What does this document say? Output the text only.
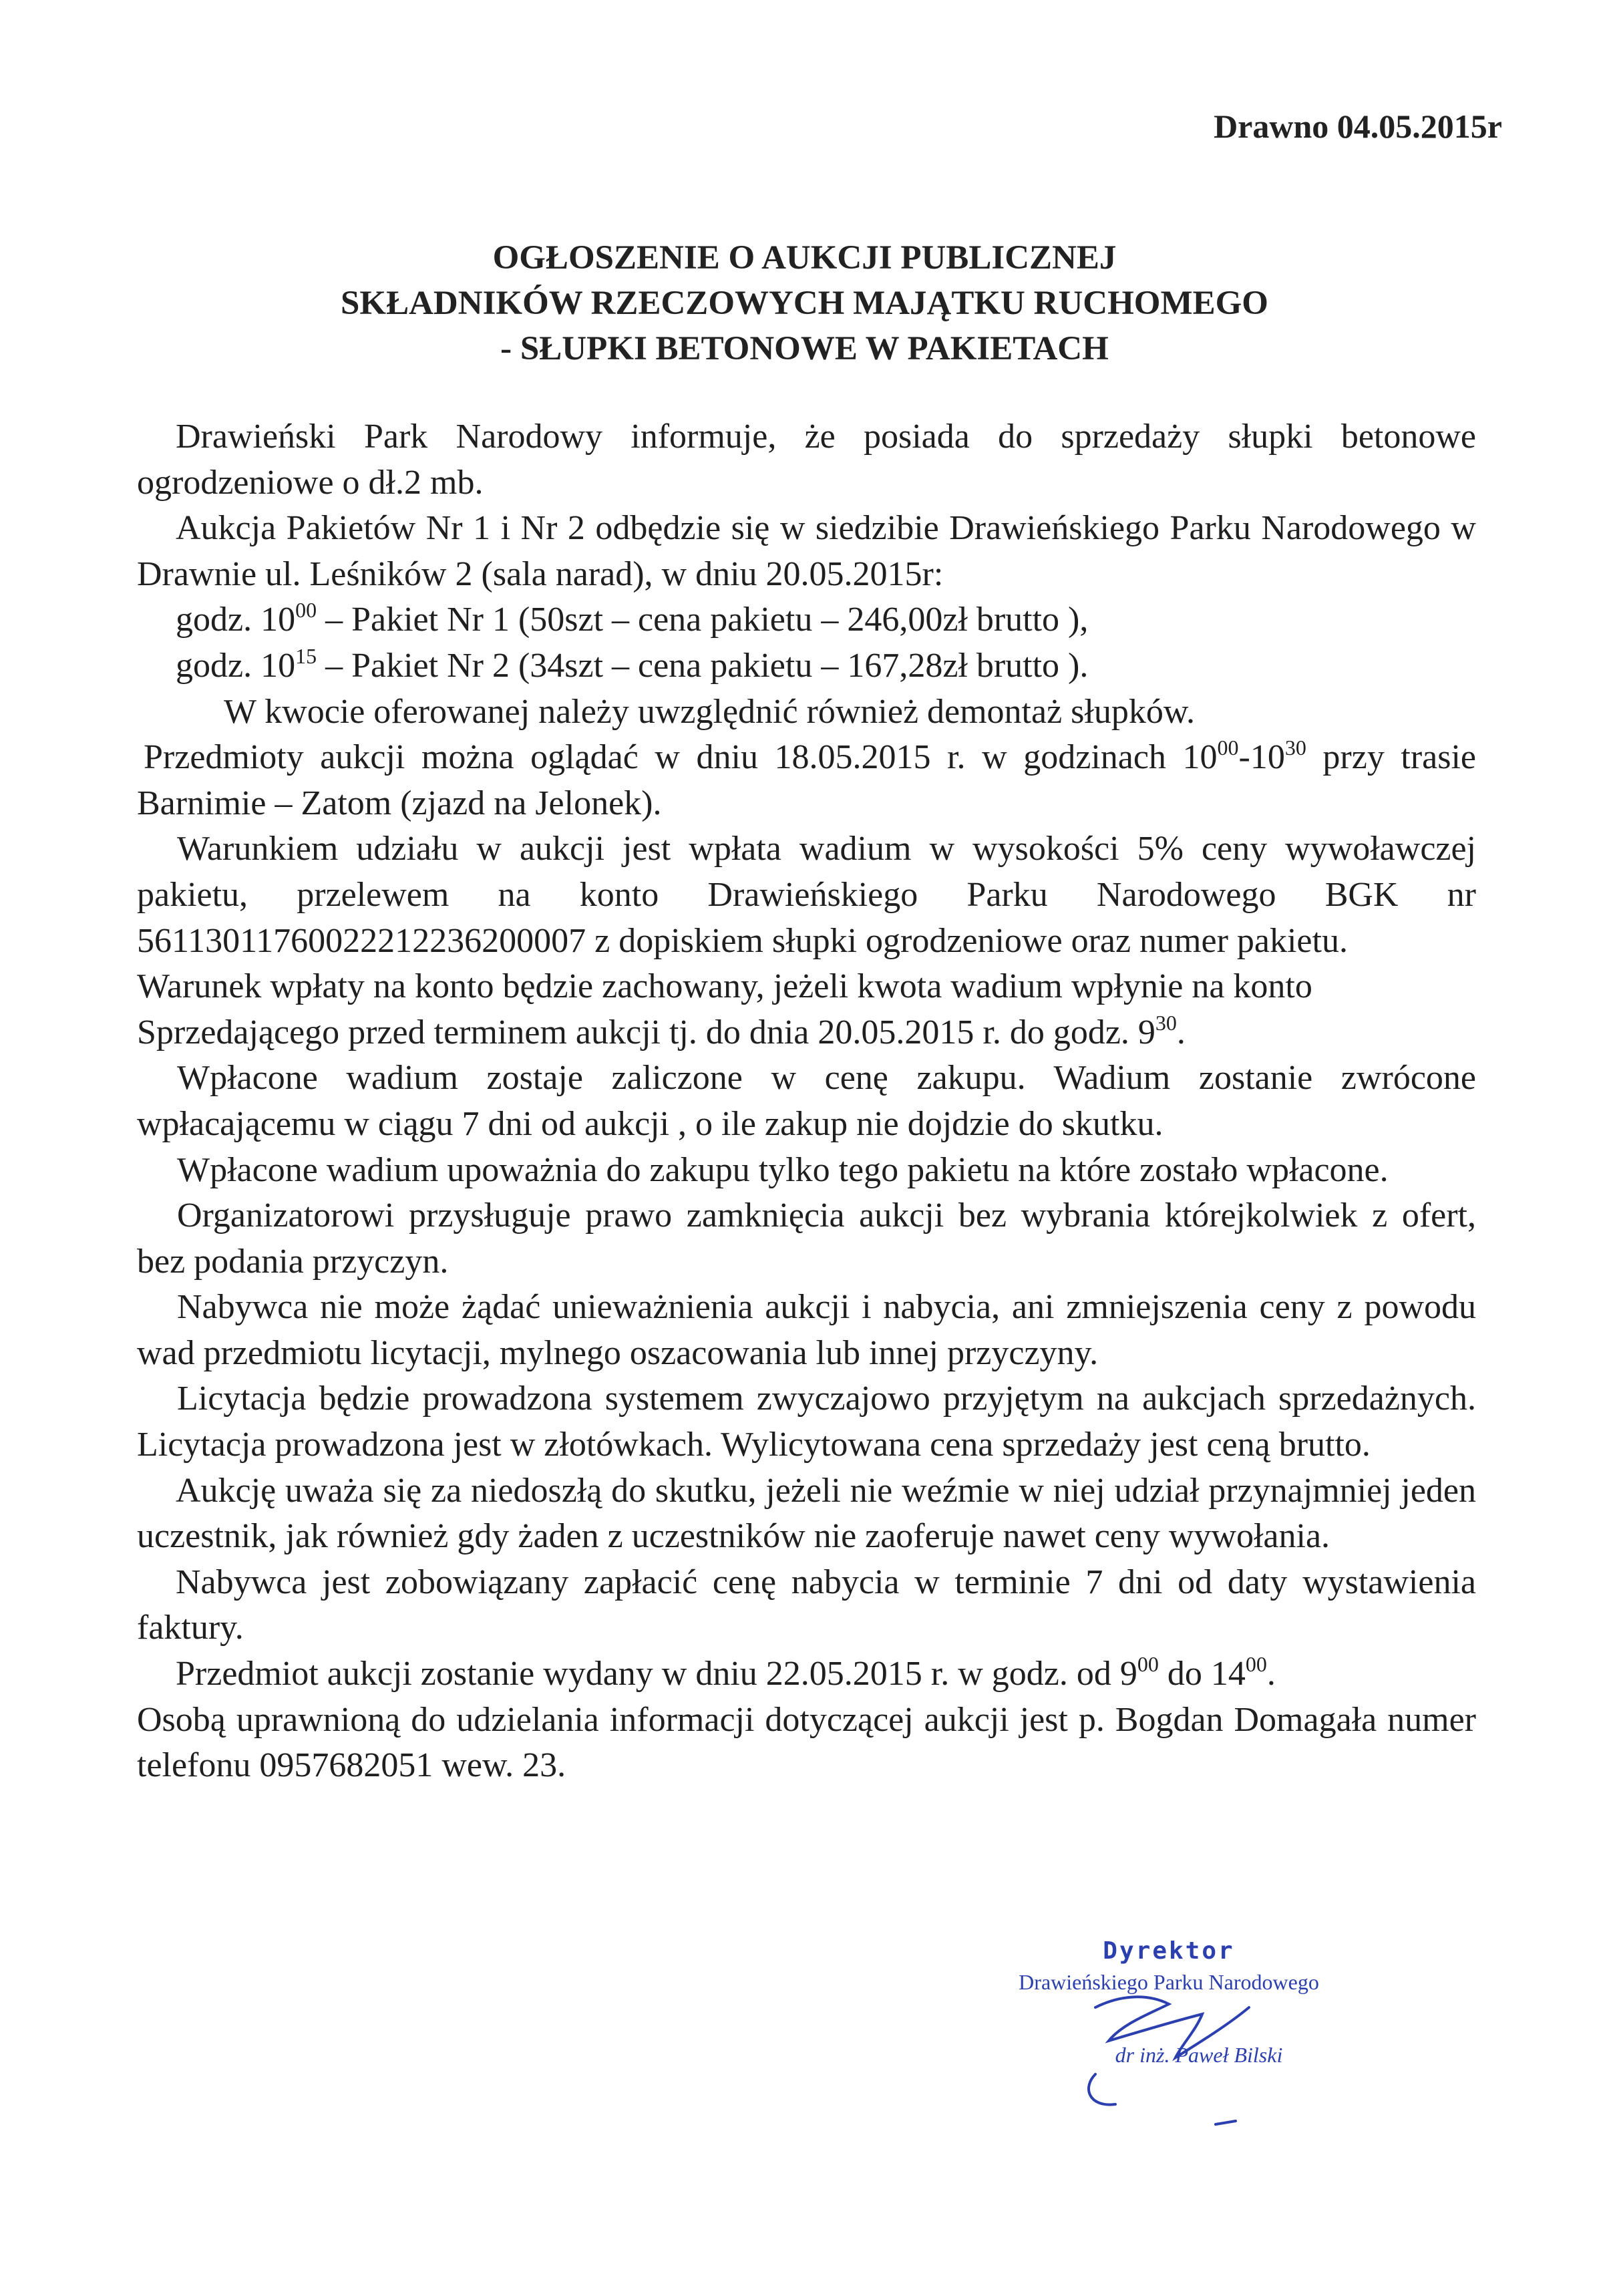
Drawno 04.05.2015r
OGŁOSZENIE O AUKCJI PUBLICZNEJ
SKŁADNIKÓW RZECZOWYCH MAJĄTKU RUCHOMEGO
- SŁUPKI BETONOWE W PAKIETACH

Drawieński Park Narodowy informuje, że posiada do sprzedaży słupki betonowe ogrodzeniowe o dł.2 mb.

Aukcja Pakietów Nr 1 i Nr 2 odbędzie się w siedzibie Drawieńskiego Parku Narodowego w Drawnie ul. Leśników 2 (sala narad), w dniu 20.05.2015r:

godz. $10^{00}$ – Pakiet Nr 1 (50szt – cena pakietu – 246,00zł brutto ),

godz. $10^{15}$ – Pakiet Nr 2 (34szt – cena pakietu – 167,28zł brutto ).

W kwocie oferowanej należy uwzględnić również demontaż słupków.

Przedmioty aukcji można oglądać w dniu 18.05.2015 r. w godzinach $10^{00}-10^{30}$ przy trasie Barnimie – Zatom (zjazd na Jelonek).

Warunkiem udziału w aukcji jest wpłata wadium w wysokości 5% ceny wywoławczej pakietu, przelewem na konto Drawieńskiego Parku Narodowego BGK nr 56113011760022212236200007 z dopiskiem słupki ogrodzeniowe oraz numer pakietu.

Warunek wpłaty na konto będzie zachowany, jeżeli kwota wadium wpłynie na konto Sprzedającego przed terminem aukcji tj. do dnia 20.05.2015 r. do godz. $9^{30}$.

Wpłacone wadium zostaje zaliczone w cenę zakupu. Wadium zostanie zwrócone wpłacającemu w ciągu 7 dni od aukcji , o ile zakup nie dojdzie do skutku.

Wpłacone wadium upoważnia do zakupu tylko tego pakietu na które zostało wpłacone.

Organizatorowi przysługuje prawo zamknięcia aukcji bez wybrania którejkolwiek z ofert, bez podania przyczyn.

Nabywca nie może żądać unieważnienia aukcji i nabycia, ani zmniejszenia ceny z powodu wad przedmiotu licytacji, mylnego oszacowania lub innej przyczyny.

Licytacja będzie prowadzona systemem zwyczajowo przyjętym na aukcjach sprzedażnych. Licytacja prowadzona jest w złotówkach. Wylicytowana cena sprzedaży jest ceną brutto.

Aukcję uważa się za niedoszłą do skutku, jeżeli nie weźmie w niej udział przynajmniej jeden uczestnik, jak również gdy żaden z uczestników nie zaoferuje nawet ceny wywołania.

Nabywca jest zobowiązany zapłacić cenę nabycia w terminie 7 dni od daty wystawienia faktury.

Przedmiot aukcji zostanie wydany w dniu 22.05.2015 r. w godz. od $9^{00}$ do $14^{00}$.

Osobą uprawnioną do udzielania informacji dotyczącej aukcji jest p. Bogdan Domagała numer telefonu 0957682051 wew. 23.

Dyrektor
Drawieńskiego Parku Narodowego
dr inż. Paweł Bilski
